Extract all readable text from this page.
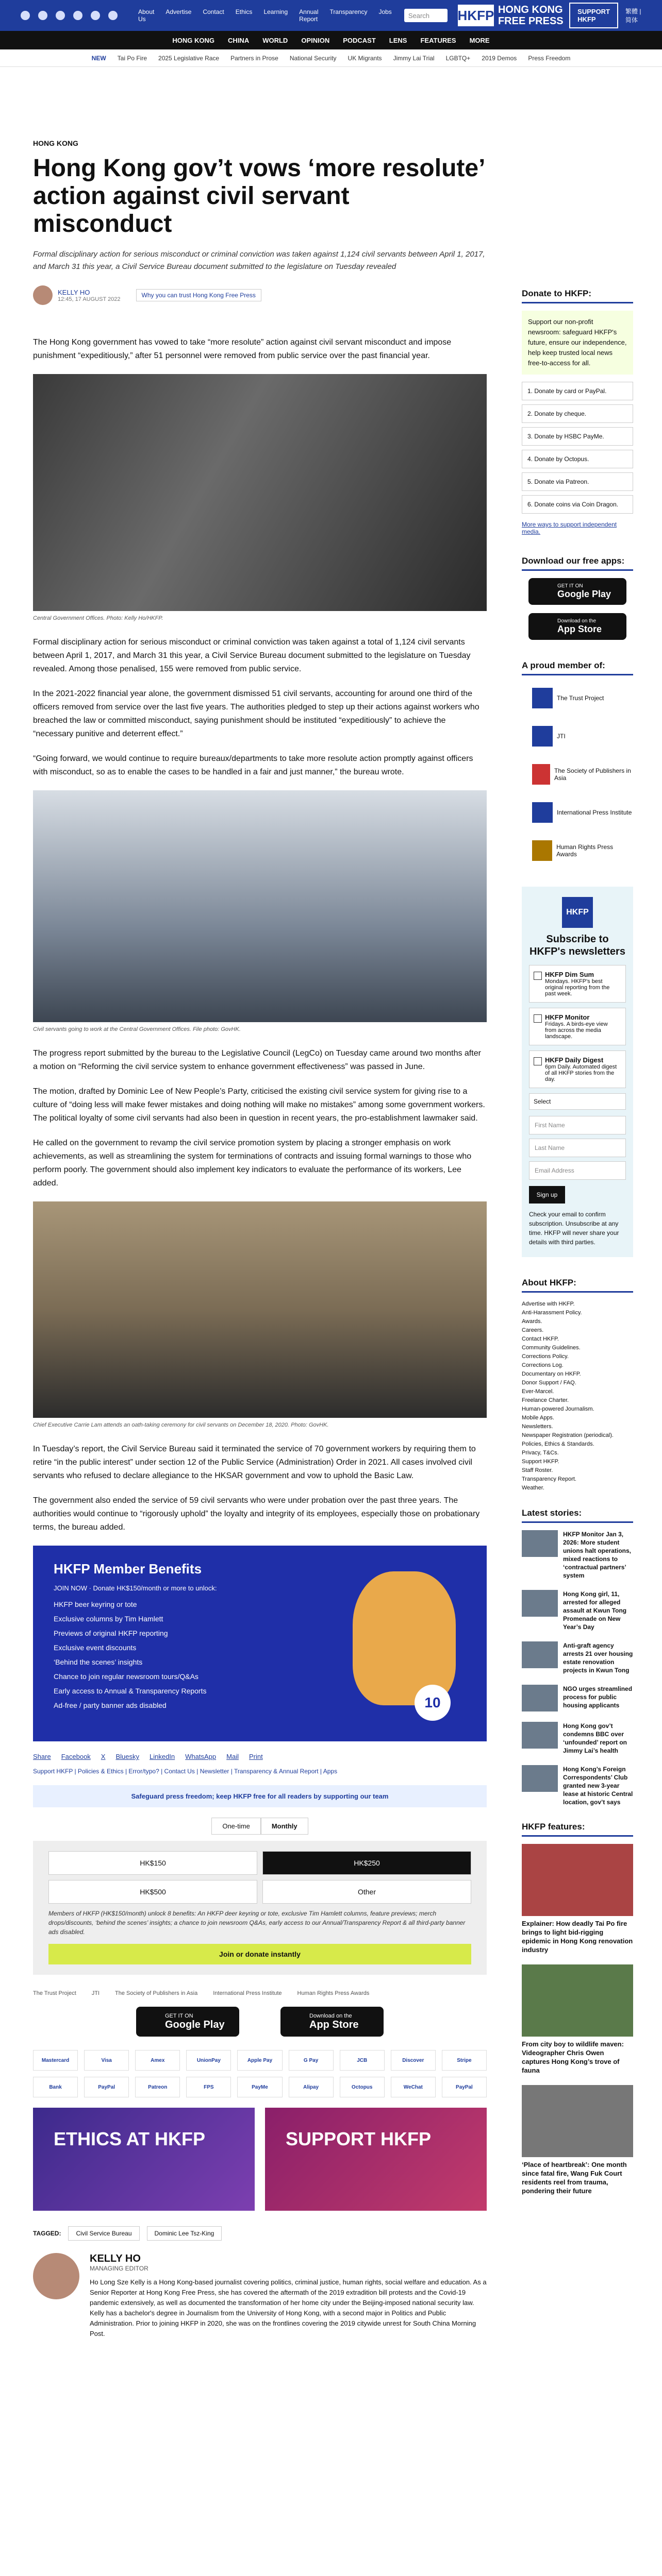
About Us
Advertise Contact Ethics Learning Annual Report
Transparency Jobs	Search	HKFP HONG KONG FREE PRESS
SUPPORT HKFP
繁體 | 简体
HONG KONG CHINA WORLD OPINION PODCAST LENS FEATURES MORE
NEW Tai Po Fire 2025 Legislative Race Partners in Prose National Security UK Migrants Jimmy Lai Trial LGBTQ+ 2019 Demos Press Freedom
HONG KONG
Hong Kong gov’t vows ‘more resolute’ action against civil servant misconduct
Formal disciplinary action for serious misconduct or criminal conviction was taken against 1,124 civil servants between April 1, 2017, and March 31 this year, a Civil Service Bureau document submitted to the legislature on Tuesday revealed
KELLY HO
12:45, 17 AUGUST 2022
Why you can trust Hong Kong Free Press

The Hong Kong government has vowed to take “more resolute” action against civil servant misconduct and impose punishment “expeditiously,” after 51 personnel were removed from public service over the past financial year.

Central Government Offices. Photo: Kelly Ho/HKFP.

Formal disciplinary action for serious misconduct or criminal conviction was taken against a total of 1,124 civil servants between April 1, 2017, and March 31 this year, a Civil Service Bureau document submitted to the legislature on Tuesday revealed. Among those penalised, 155 were removed from public service.

In the 2021-2022 financial year alone, the government dismissed 51 civil servants, accounting for around one third of the officers removed from service over the last five years. The authorities pledged to step up their actions against workers who breached the law or committed misconduct, saying punishment should be instituted “expeditiously” to achieve the “necessary punitive and deterrent effect.”

“Going forward, we would continue to require bureaux/departments to take more resolute action promptly against officers with misconduct, so as to enable the cases to be handled in a fair and just manner,” the bureau wrote.

Civil servants going to work at the Central Government Offices. File photo: GovHK.

The progress report submitted by the bureau to the Legislative Council (LegCo) on Tuesday came around two months after a motion on “Reforming the civil service system to enhance government effectiveness” was passed in June.

The motion, drafted by Dominic Lee of New People’s Party, criticised the existing civil service system for giving rise to a culture of “doing less will make fewer mistakes and doing nothing will make no mistakes” among some government workers. The political loyalty of some civil servants had also been in question in recent years, the pro-establishment lawmaker said.

He called on the government to revamp the civil service promotion system by placing a stronger emphasis on work achievements, as well as streamlining the system for terminations of contracts and issuing formal warnings to those who perform poorly. The government should also implement key indicators to evaluate the performance of its workers, Lee added.

Chief Executive Carrie Lam attends an oath-taking ceremony for civil servants on December 18, 2020. Photo: GovHK.

In Tuesday’s report, the Civil Service Bureau said it terminated the service of 70 government workers by requiring them to retire “in the public interest” under section 12 of the Public Service (Administration) Order in 2021. All cases involved civil servants who refused to declare allegiance to the HKSAR government and vow to uphold the Basic Law.

The government also ended the service of 59 civil servants who were under probation over the past three years. The authorities would continue to “rigorously uphold” the loyalty and integrity of its employees, especially those on probationary terms, the bureau added.

HKFP Member Benefits
JOIN NOW · Donate HK$150/month or more to unlock:
HKFP beer keyring or tote
Exclusive columns by Tim Hamlett
Previews of original HKFP reporting
Exclusive event discounts
‘Behind the scenes’ insights
Chance to join regular newsroom tours/Q&As
Early access to Annual & Transparency Reports
Ad-free / party banner ads disabled	10
Share Facebook X Bluesky LinkedIn WhatsApp Mail Print
Support HKFP | Policies & Ethics | Error/typo? | Contact Us | Newsletter | Transparency & Annual Report | Apps
Safeguard press freedom; keep HKFP free for all readers by supporting our team
One-time	Monthly
HK$150	HK$250
HK$500	Other
Members of HKFP (HK$150/month) unlock 8 benefits: An HKFP deer keyring or tote, exclusive Tim Hamlett columns, feature previews; merch drops/discounts, ‘behind the scenes’ insights; a chance to join newsroom Q&As, early access to our Annual/Transparency Report & all third-party banner ads disabled.
Join or donate instantly
The Trust Project	JTI	The Society of Publishers in Asia	International Press Institute	Human Rights Press Awards
GET IT ON
Google Play
Download on the
App Store
Mastercard	Visa	Amex	UnionPay	Apple Pay	G Pay	JCB	Discover	Stripe
Bank	PayPal	Patreon	FPS	PayMe	Alipay	Octopus	WeChat	PayPal
ETHICS AT HKFP	SUPPORT HKFP
TAGGED:	Civil Service Bureau	Dominic Lee Tsz-King
KELLY HO
MANAGING EDITOR
Ho Long Sze Kelly is a Hong Kong-based journalist covering politics, criminal justice, human rights, social welfare and education. As a Senior Reporter at Hong Kong Free Press, she has covered the aftermath of the 2019 extradition bill protests and the Covid-19 pandemic extensively, as well as documented the transformation of her home city under the Beijing-imposed national security law. Kelly has a bachelor's degree in Journalism from the University of Hong Kong, with a second major in Politics and Public Administration. Prior to joining HKFP in 2020, she was on the frontlines covering the 2019 citywide unrest for South China Morning Post.
Donate to HKFP:
Support our non-profit newsroom: safeguard HKFP's future, ensure our independence, help keep trusted local news free-to-access for all.
1. Donate by card or PayPal.
2. Donate by cheque.
3. Donate by HSBC PayMe.
4. Donate by Octopus.
5. Donate via Patreon.
6. Donate coins via Coin Dragon.
More ways to support independent media.
Download our free apps:
GET IT ON
Google Play
Download on the
App Store
A proud member of:
The Trust Project
JTI
The Society of Publishers in Asia
International Press Institute
Human Rights Press Awards
HKFP
Subscribe to HKFP's newsletters
HKFP Dim Sum
Mondays. HKFP's best original reporting from the past week.
HKFP Monitor
Fridays. A birds-eye view from across the media landscape.
HKFP Daily Digest
6pm Daily. Automated digest of all HKFP stories from the day.
Select
First Name
Last Name
Email Address
Sign up
Check your email to confirm subscription. Unsubscribe at any time. HKFP will never share your details with third parties.
About HKFP:
Advertise with HKFP.
Anti-Harassment Policy.
Awards.
Careers.
Contact HKFP.
Community Guidelines.
Corrections Policy.
Corrections Log.
Documentary on HKFP.
Donor Support / FAQ.
Ever-Marcel.
Freelance Charter.
Human-powered Journalism.
Mobile Apps.
Newsletters.
Newspaper Registration (periodical).
Policies, Ethics & Standards.
Privacy, T&Cs.
Support HKFP.
Staff Roster.
Transparency Report.
Weather.
Latest stories:
HKFP Monitor Jan 3, 2026: More student unions halt operations, mixed reactions to ‘contractual partners’ system
Hong Kong girl, 11, arrested for alleged assault at Kwun Tong Promenade on New Year’s Day
Anti-graft agency arrests 21 over housing estate renovation projects in Kwun Tong
NGO urges streamlined process for public housing applicants
Hong Kong gov’t condemns BBC over ‘unfounded’ report on Jimmy Lai’s health
Hong Kong’s Foreign Correspondents’ Club granted new 3-year lease at historic Central location, gov’t says
HKFP features:
Explainer: How deadly Tai Po fire brings to light bid-rigging epidemic in Hong Kong renovation industry
From city boy to wildlife maven: Videographer Chris Owen captures Hong Kong’s trove of fauna
‘Place of heartbreak’: One month since fatal fire, Wang Fuk Court residents reel from trauma, pondering their future
